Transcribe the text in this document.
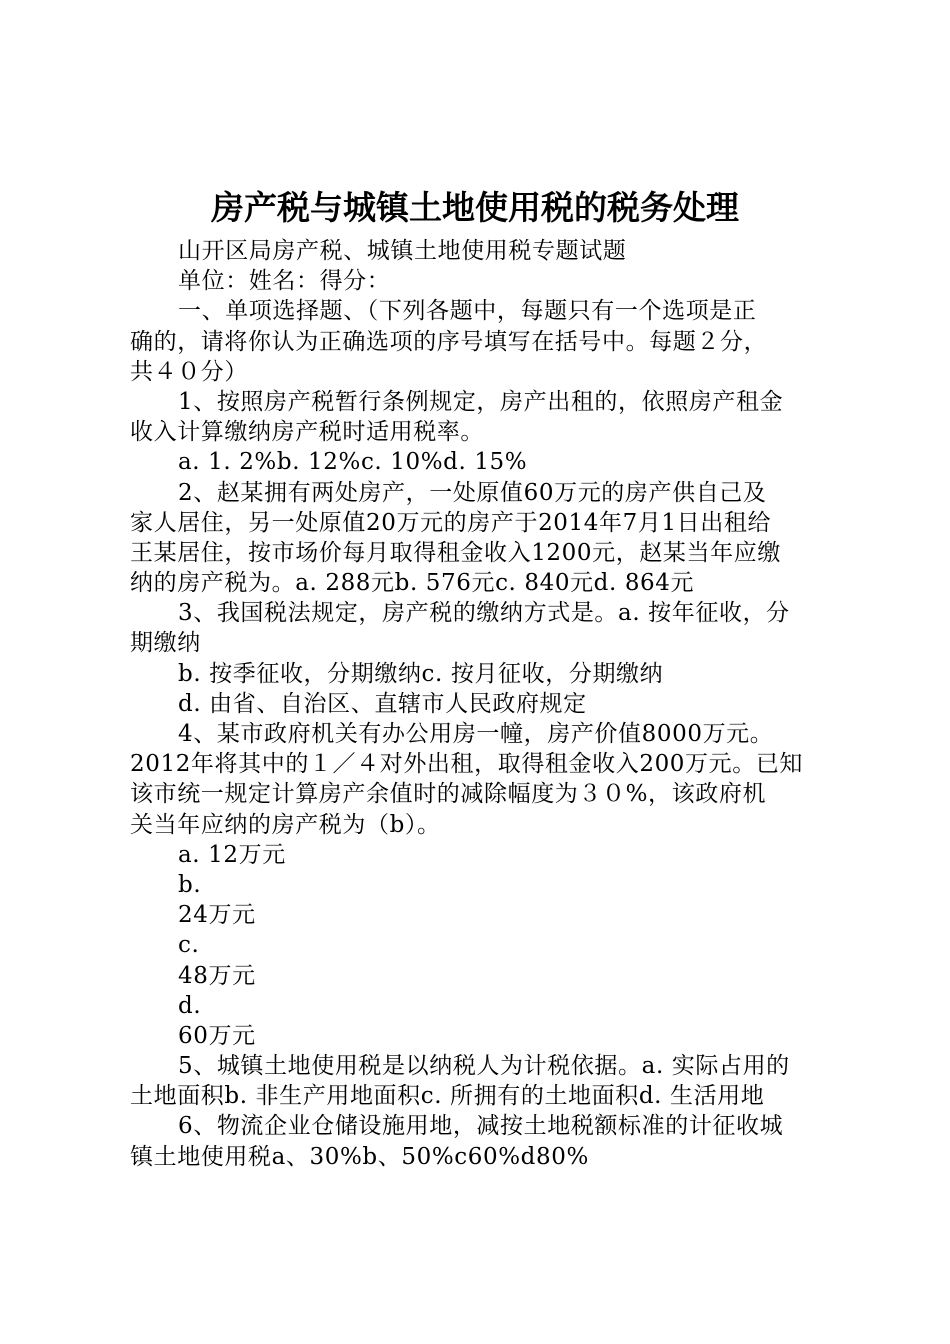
房产税与城镇土地使用税的税务处理
山开区局房产税、城镇土地使用税专题试题
单位：姓名：得分：
一、单项选择题、（下列各题中，每题只有一个选项是正
确的，请将你认为正确选项的序号填写在括号中。每题２分，
共４０分）
1、按照房产税暂行条例规定，房产出租的，依照房产租金
收入计算缴纳房产税时适用税率。
a. 1. 2%b. 12%c. 10%d. 15%
2、赵某拥有两处房产，一处原值60万元的房产供自己及
家人居住，另一处原值20万元的房产于2014年7月1日出租给
王某居住，按市场价每月取得租金收入1200元，赵某当年应缴
纳的房产税为。a. 288元b. 576元c. 840元d. 864元
3、我国税法规定，房产税的缴纳方式是。a. 按年征收，分
期缴纳
b. 按季征收，分期缴纳c. 按月征收，分期缴纳
d. 由省、自治区、直辖市人民政府规定
4、某市政府机关有办公用房一幢，房产价值8000万元。
2012年将其中的１／４对外出租，取得租金收入200万元。已知
该市统一规定计算房产余值时的减除幅度为３０%，该政府机
关当年应纳的房产税为（b）。
a. 12万元
b.
24万元
c.
48万元
d.
60万元
5、城镇土地使用税是以纳税人为计税依据。a. 实际占用的
土地面积b. 非生产用地面积c. 所拥有的土地面积d. 生活用地
6、物流企业仓储设施用地，减按土地税额标准的计征收城
镇土地使用税a、30%b、50%c60%d80%
